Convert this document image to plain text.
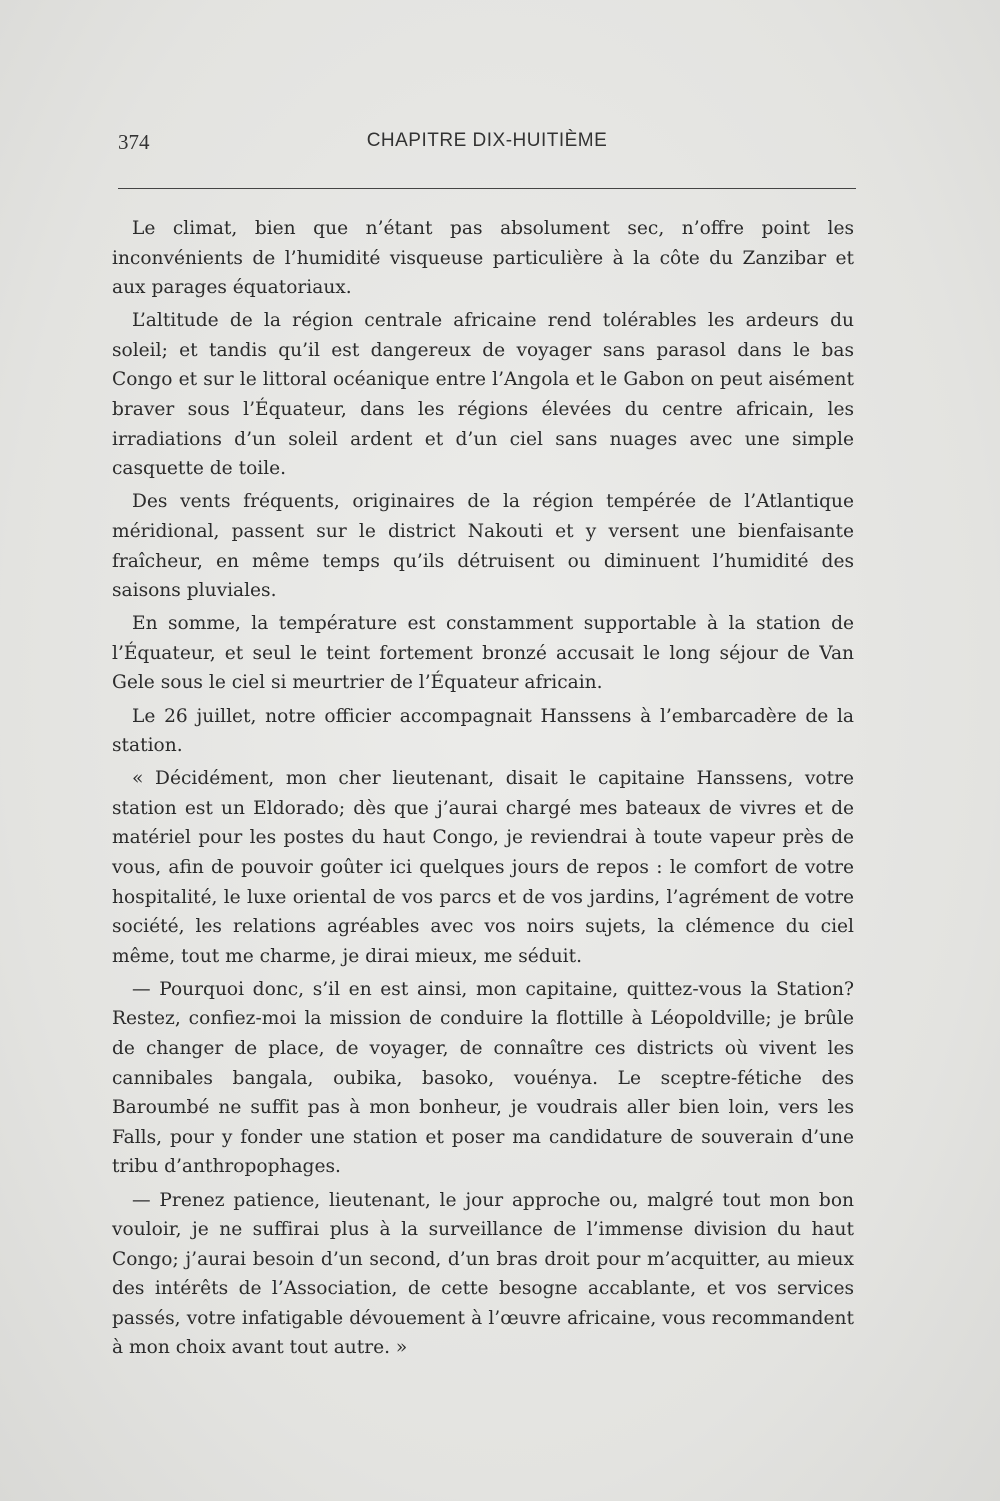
CHAPITRE DIX-HUITIÈME
374

Le climat, bien que n’étant pas absolument sec, n’offre point les inconvénients de l’humidité visqueuse particulière à la côte du Zanzibar et aux parages équatoriaux.

L’altitude de la région centrale africaine rend tolérables les ardeurs du soleil; et tandis qu’il est dangereux de voyager sans parasol dans le bas Congo et sur le littoral océanique entre l’Angola et le Gabon on peut aisément braver sous l’Équateur, dans les régions élevées du centre africain, les irradiations d’un soleil ardent et d’un ciel sans nuages avec une simple casquette de toile.

Des vents fréquents, originaires de la région tempérée de l’Atlantique méridional, passent sur le district Nakouti et y versent une bienfaisante fraîcheur, en même temps qu’ils détruisent ou diminuent l’humidité des saisons pluviales.

En somme, la température est constamment supportable à la station de l’Équateur, et seul le teint fortement bronzé accusait le long séjour de Van Gele sous le ciel si meurtrier de l’Équateur africain.

Le 26 juillet, notre officier accompagnait Hanssens à l’embarcadère de la station.

« Décidément, mon cher lieutenant, disait le capitaine Hanssens, votre station est un Eldorado; dès que j’aurai chargé mes bateaux de vivres et de matériel pour les postes du haut Congo, je reviendrai à toute vapeur près de vous, afin de pouvoir goûter ici quelques jours de repos : le comfort de votre hospitalité, le luxe oriental de vos parcs et de vos jardins, l’agrément de votre société, les relations agréables avec vos noirs sujets, la clémence du ciel même, tout me charme, je dirai mieux, me séduit.

— Pourquoi donc, s’il en est ainsi, mon capitaine, quittez-vous la Station? Restez, confiez-moi la mission de conduire la flottille à Léopoldville; je brûle de changer de place, de voyager, de connaître ces districts où vivent les cannibales bangala, oubika, basoko, vouénya. Le sceptre-fétiche des Baroumbé ne suffit pas à mon bonheur, je voudrais aller bien loin, vers les Falls, pour y fonder une station et poser ma candidature de souverain d’une tribu d’anthropophages.

— Prenez patience, lieutenant, le jour approche ou, malgré tout mon bon vouloir, je ne suffirai plus à la surveillance de l’immense division du haut Congo; j’aurai besoin d’un second, d’un bras droit pour m’acquitter, au mieux des intérêts de l’Association, de cette besogne accablante, et vos services passés, votre infatigable dévouement à l’œuvre africaine, vous recommandent à mon choix avant tout autre. »
